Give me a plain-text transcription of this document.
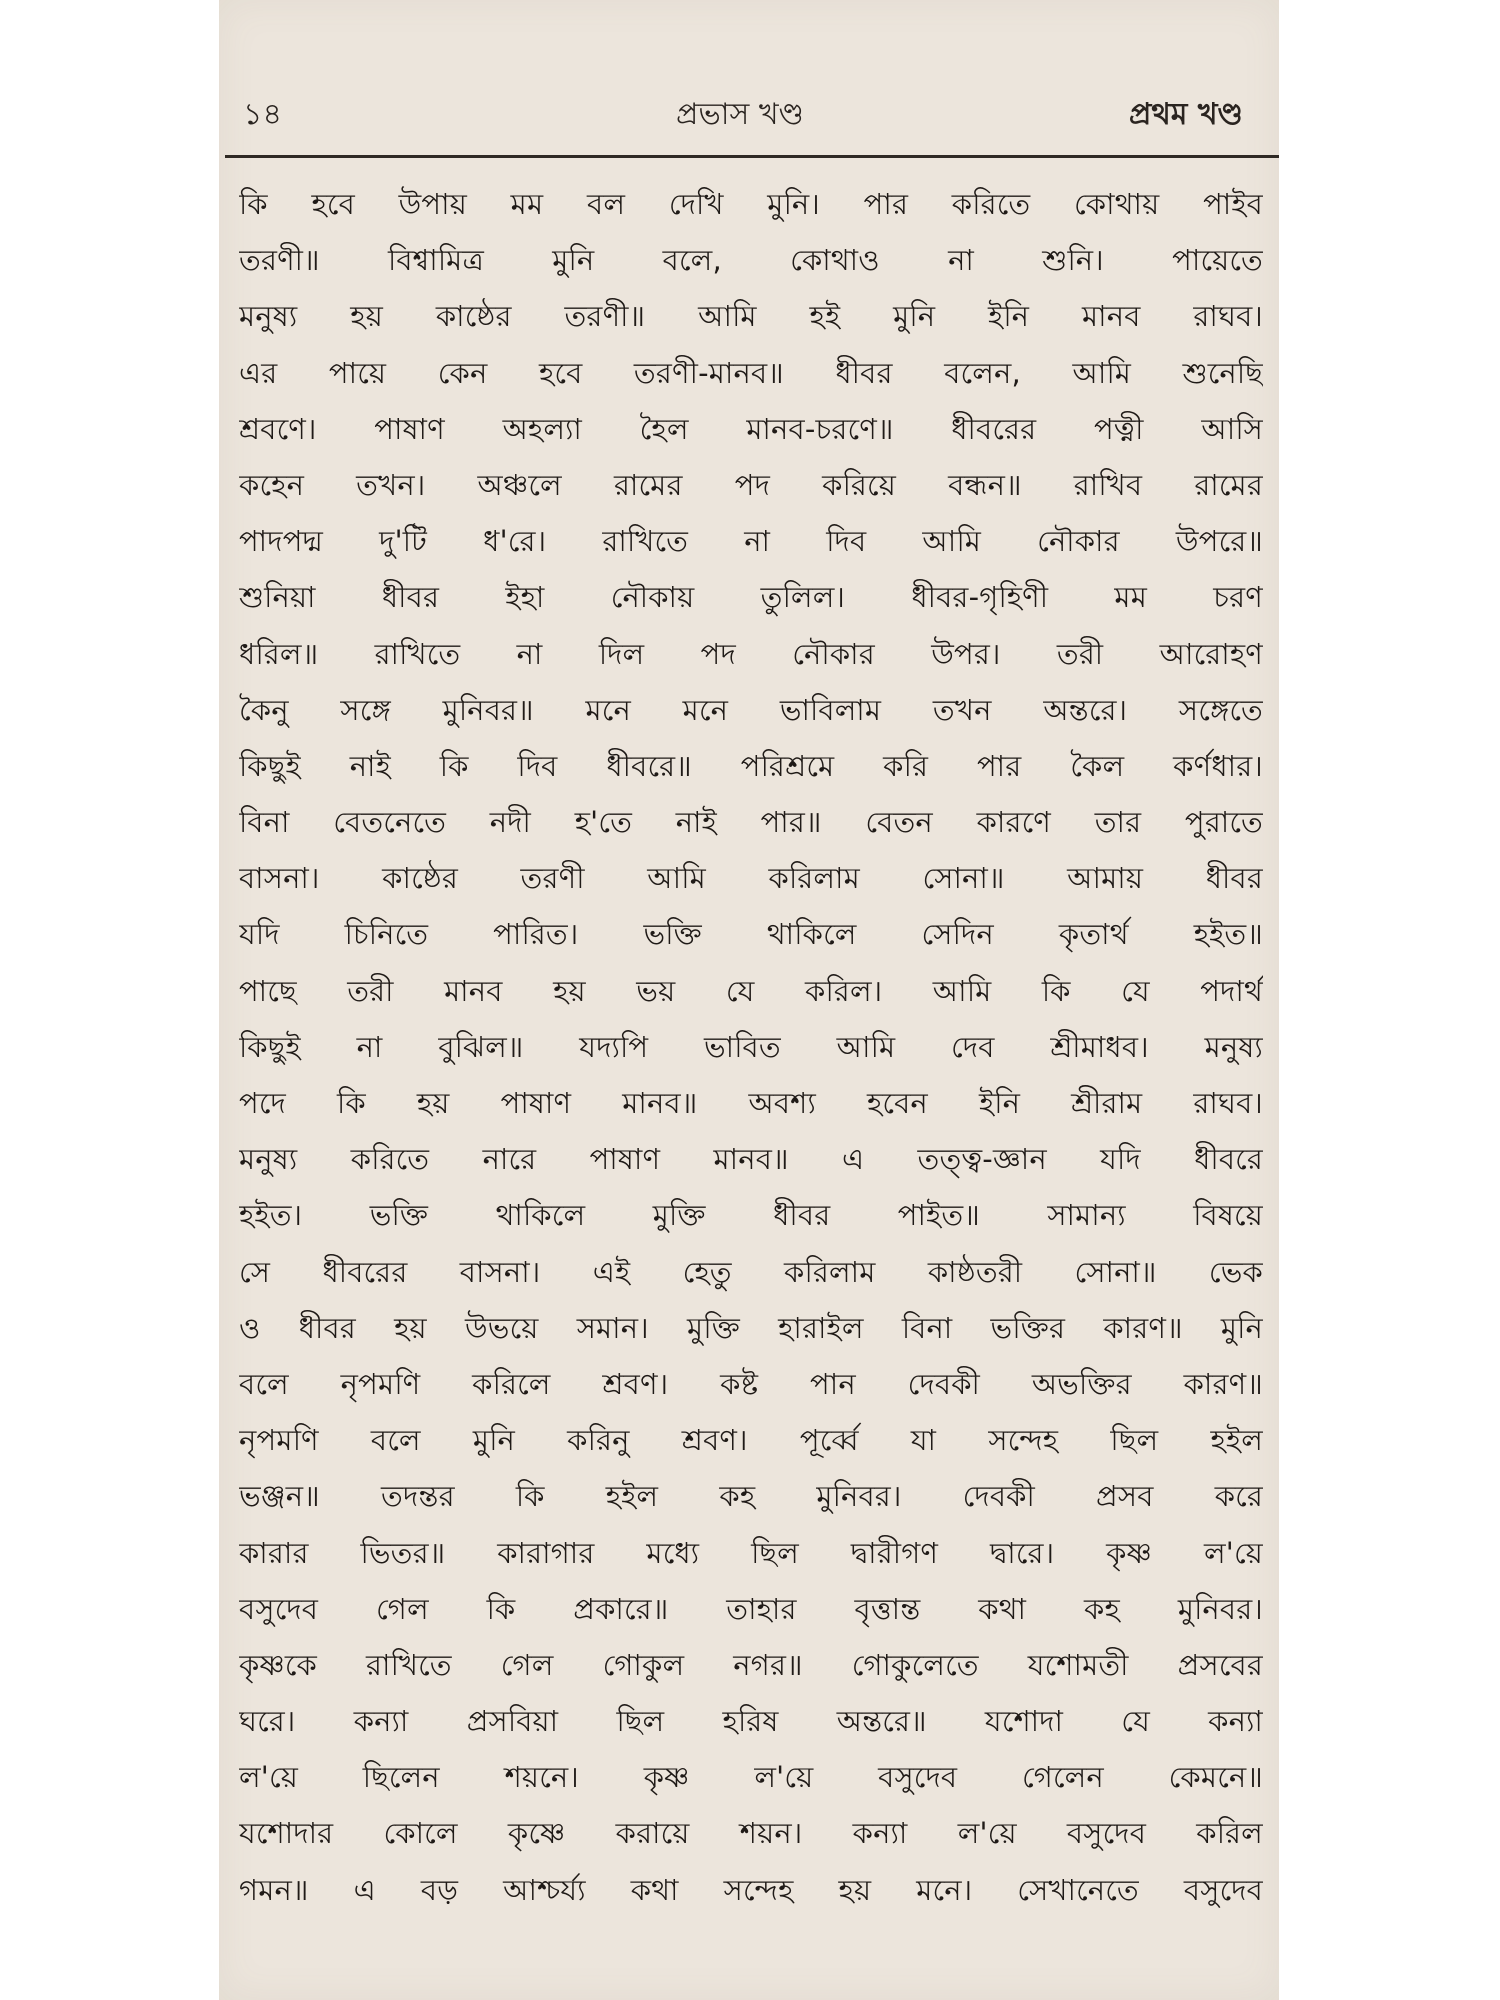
১৪	প্রভাস খণ্ড	প্রথম খণ্ড
কি হবে উপায় মম বল দেখি মুনি। পার করিতে কোথায় পাইব
তরণী॥ বিশ্বামিত্র মুনি বলে, কোথাও না শুনি। পায়েতে
মনুষ্য হয় কাষ্ঠের তরণী॥ আমি হই মুনি ইনি মানব রাঘব।
এর পায়ে কেন হবে তরণী-মানব॥ ধীবর বলেন, আমি শুনেছি
শ্রবণে। পাষাণ অহল্যা হৈল মানব-চরণে॥ ধীবরের পত্নী আসি
কহেন তখন। অঞ্চলে রামের পদ করিয়ে বন্ধন॥ রাখিব রামের
পাদপদ্ম দু'টি ধ'রে। রাখিতে না দিব আমি নৌকার উপরে॥
শুনিয়া ধীবর ইহা নৌকায় তুলিল। ধীবর-গৃহিণী মম চরণ
ধরিল॥ রাখিতে না দিল পদ নৌকার উপর। তরী আরোহণ
কৈনু সঙ্গে মুনিবর॥ মনে মনে ভাবিলাম তখন অন্তরে। সঙ্গেতে
কিছুই নাই কি দিব ধীবরে॥ পরিশ্রমে করি পার কৈল কর্ণধার।
বিনা বেতনেতে নদী হ'তে নাই পার॥ বেতন কারণে তার পুরাতে
বাসনা। কাষ্ঠের তরণী আমি করিলাম সোনা॥ আমায় ধীবর
যদি চিনিতে পারিত। ভক্তি থাকিলে সেদিন কৃতার্থ হইত॥
পাছে তরী মানব হয় ভয় যে করিল। আমি কি যে পদার্থ
কিছুই না বুঝিল॥ যদ্যপি ভাবিত আমি দেব শ্রীমাধব। মনুষ্য
পদে কি হয় পাষাণ মানব॥ অবশ্য হবেন ইনি শ্রীরাম রাঘব।
মনুষ্য করিতে নারে পাষাণ মানব॥ এ তত্ত্ব-জ্ঞান যদি ধীবরে
হইত। ভক্তি থাকিলে মুক্তি ধীবর পাইত॥ সামান্য বিষয়ে
সে ধীবরের বাসনা। এই হেতু করিলাম কাষ্ঠতরী সোনা॥ ভেক
ও ধীবর হয় উভয়ে সমান। মুক্তি হারাইল বিনা ভক্তির কারণ॥ মুনি
বলে নৃপমণি করিলে শ্রবণ। কষ্ট পান দেবকী অভক্তির কারণ॥
নৃপমণি বলে মুনি করিনু শ্রবণ। পূর্ব্বে যা সন্দেহ ছিল হইল
ভঞ্জন॥ তদন্তর কি হইল কহ মুনিবর। দেবকী প্রসব করে
কারার ভিতর॥ কারাগার মধ্যে ছিল দ্বারীগণ দ্বারে। কৃষ্ণ ল'য়ে
বসুদেব গেল কি প্রকারে॥ তাহার বৃত্তান্ত কথা কহ মুনিবর।
কৃষ্ণকে রাখিতে গেল গোকুল নগর॥ গোকুলেতে যশোমতী প্রসবের
ঘরে। কন্যা প্রসবিয়া ছিল হরিষ অন্তরে॥ যশোদা যে কন্যা
ল'য়ে ছিলেন শয়নে। কৃষ্ণ ল'য়ে বসুদেব গেলেন কেমনে॥
যশোদার কোলে কৃষ্ণে করায়ে শয়ন। কন্যা ল'য়ে বসুদেব করিল
গমন॥ এ বড় আশ্চর্য্য কথা সন্দেহ হয় মনে। সেখানেতে বসুদেব
